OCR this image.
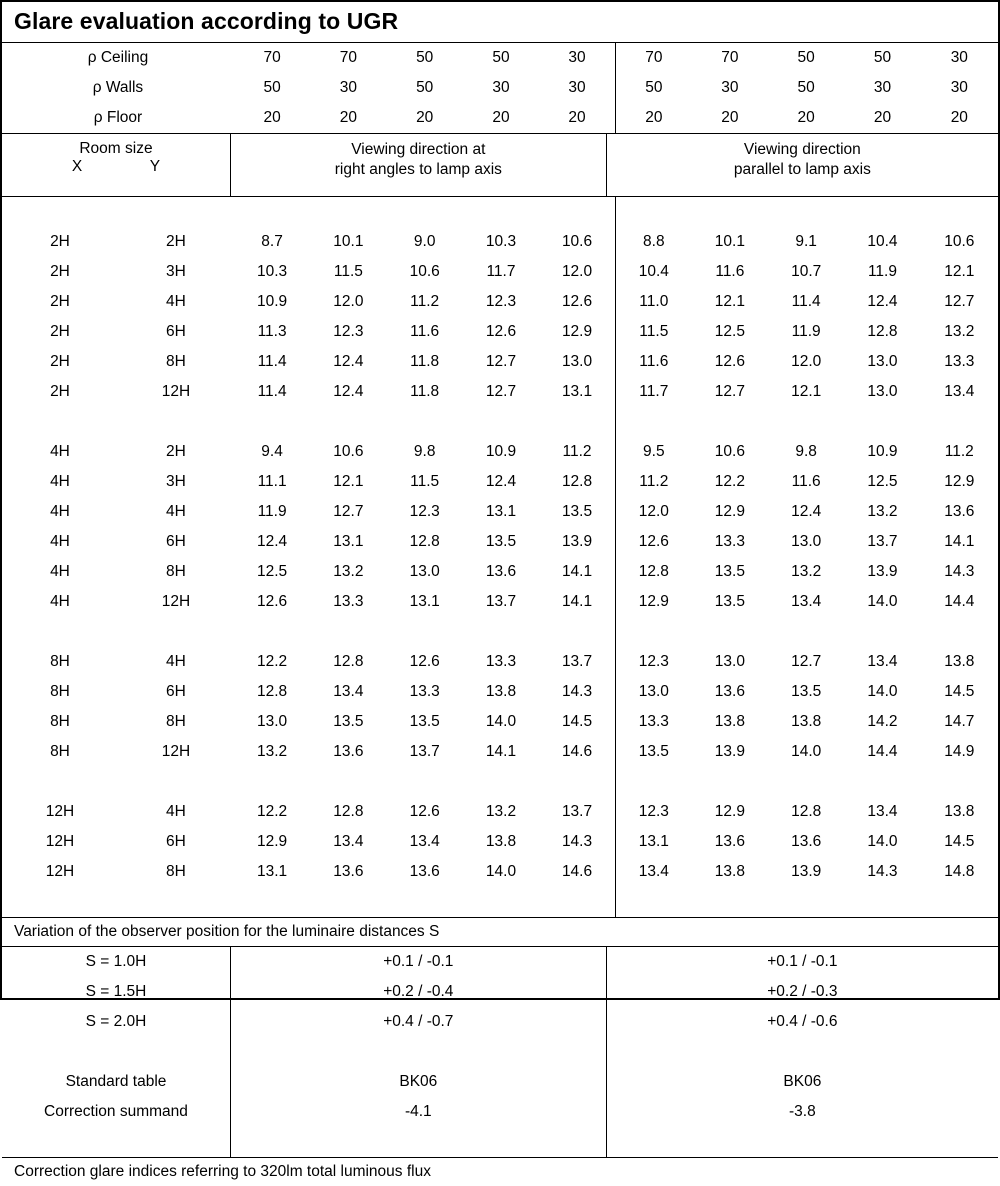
Glare evaluation according to UGR
ρ Ceiling	70	70	50	50	30	70	70	50	50	30
ρ Walls	50	30	50	30	30	50	30	50	30	30
ρ Floor	20	20	20	20	20	20	20	20	20	20
Room size
X	Y

Viewing direction at
right angles to lamp axis

Viewing direction
parallel to lamp axis

2H	2H	8.7	10.1	9.0	10.3	10.6	8.8	10.1	9.1	10.4	10.6
2H	3H	10.3	11.5	10.6	11.7	12.0	10.4	11.6	10.7	11.9	12.1
2H	4H	10.9	12.0	11.2	12.3	12.6	11.0	12.1	11.4	12.4	12.7
2H	6H	11.3	12.3	11.6	12.6	12.9	11.5	12.5	11.9	12.8	13.2
2H	8H	11.4	12.4	11.8	12.7	13.0	11.6	12.6	12.0	13.0	13.3
2H	12H	11.4	12.4	11.8	12.7	13.1	11.7	12.7	12.1	13.0	13.4

4H	2H	9.4	10.6	9.8	10.9	11.2	9.5	10.6	9.8	10.9	11.2
4H	3H	11.1	12.1	11.5	12.4	12.8	11.2	12.2	11.6	12.5	12.9
4H	4H	11.9	12.7	12.3	13.1	13.5	12.0	12.9	12.4	13.2	13.6
4H	6H	12.4	13.1	12.8	13.5	13.9	12.6	13.3	13.0	13.7	14.1
4H	8H	12.5	13.2	13.0	13.6	14.1	12.8	13.5	13.2	13.9	14.3
4H	12H	12.6	13.3	13.1	13.7	14.1	12.9	13.5	13.4	14.0	14.4

8H	4H	12.2	12.8	12.6	13.3	13.7	12.3	13.0	12.7	13.4	13.8
8H	6H	12.8	13.4	13.3	13.8	14.3	13.0	13.6	13.5	14.0	14.5
8H	8H	13.0	13.5	13.5	14.0	14.5	13.3	13.8	13.8	14.2	14.7
8H	12H	13.2	13.6	13.7	14.1	14.6	13.5	13.9	14.0	14.4	14.9

12H	4H	12.2	12.8	12.6	13.2	13.7	12.3	12.9	12.8	13.4	13.8
12H	6H	12.9	13.4	13.4	13.8	14.3	13.1	13.6	13.6	14.0	14.5
12H	8H	13.1	13.6	13.6	14.0	14.6	13.4	13.8	13.9	14.3	14.8

Variation of the observer position for the luminaire distances S
S = 1.0H	+0.1 / -0.1	+0.1 / -0.1
S = 1.5H	+0.2 / -0.4	+0.2 / -0.3
S = 2.0H	+0.4 / -0.7	+0.4 / -0.6

Standard table	BK06	BK06
Correction summand	-4.1	-3.8

Correction glare indices referring to 320lm total luminous flux
